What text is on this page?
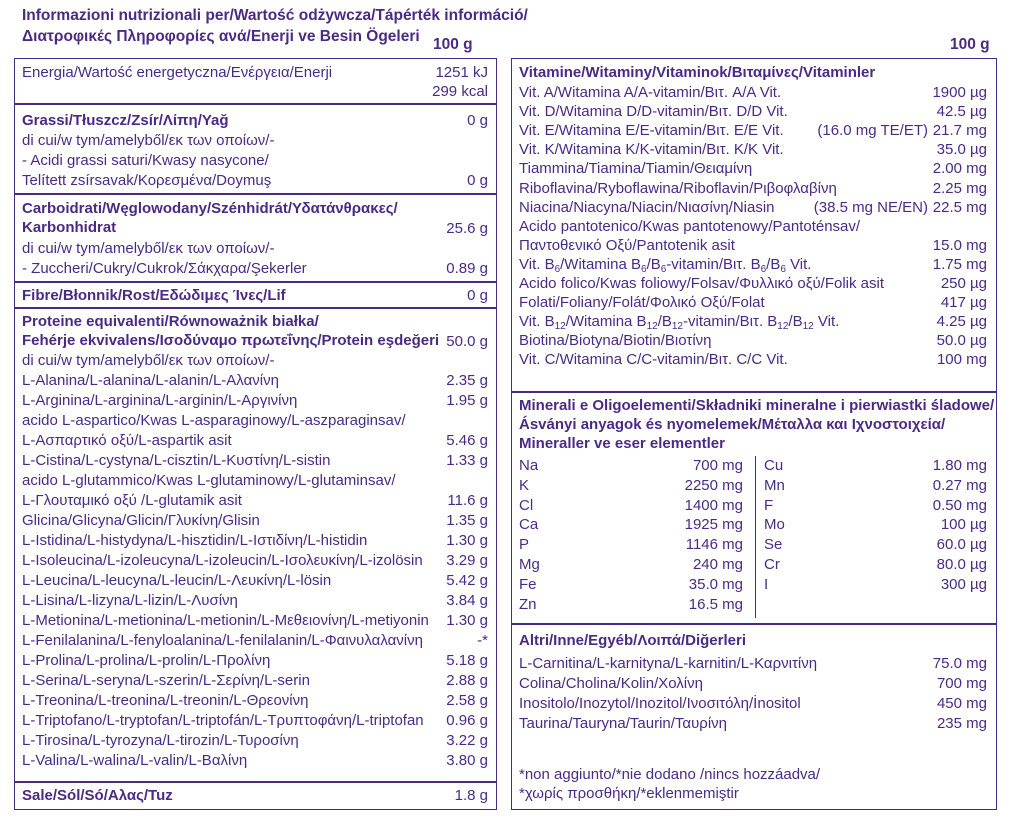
Informazioni nutrizionali per/Wartość odżywcza/Tápérték információ/
Διατροφικές Πληροφορίες ανά/Enerji ve Besin Ögeleri 100 g	100 g
Energia/Wartość energetyczna/Ενέργεια/Enerji	1251 kJ
299 kcal
Grassi/Tłuszcz/Zsír/Λίπη/Yağ	0 g
di cui/w tym/amelyből/εκ των οποίων/-
- Acidi grassi saturi/Kwasy nasycone/
Telített zsírsavak/Κορεσμένα/Doymuş	0 g
Carboidrati/Węglowodany/Szénhidrát/Υδατάνθρακες/
Karbonhidrat	25.6 g
di cui/w tym/amelyből/εκ των οποίων/-
- Zuccheri/Cukry/Cukrok/Σάκχαρα/Şekerler	0.89 g
Fibre/Błonnik/Rost/Εδώδιμες Ίνες/Lif	0 g
Proteine equivalenti/Równoważnik białka/
Fehérje ekvivalens/Ισοδύναμο πρωτεΐνης/Protein eşdeğeri 50.0 g
di cui/w tym/amelyből/εκ των οποίων/-
L-Alanina/L-alanina/L-alanin/L-Αλανίνη	2.35 g
L-Arginina/L-arginina/L-arginin/L-Αργινίνη	1.95 g
acido L-aspartico/Kwas L-asparaginowy/L-aszparaginsav/
L-Ασπαρτικό οξύ/L-aspartik asit	5.46 g
L-Cistina/L-cystyna/L-cisztin/L-Κυστίνη/L-sistin	1.33 g
acido L-glutammico/Kwas L-glutaminowy/L-glutaminsav/
L-Γλουταμικό οξύ /L-glutamik asit	11.6 g
Glicina/Glicyna/Glicin/Γλυκίνη/Glisin	1.35 g
L-Istidina/L-histydyna/L-hisztidin/L-Ιστιδίνη/L-histidin	1.30 g
L-Isoleucina/L-izoleucyna/L-izoleucin/L-Ισολευκίνη/L-izolösin 3.29 g
L-Leucina/L-leucyna/L-leucin/L-Λευκίνη/L-lösin	5.42 g
L-Lisina/L-lizyna/L-lizin/L-Λυσίνη	3.84 g
L-Metionina/L-metionina/L-metionin/L-Μεθειονίνη/L-metiyonin 1.30 g
L-Fenilalanina/L-fenyloalanina/L-fenilalanin/L-Φαινυλαλανίνη	-*
L-Prolina/L-prolina/L-prolin/L-Προλίνη	5.18 g
L-Serina/L-seryna/L-szerin/L-Σερίνη/L-serin	2.88 g
L-Treonina/L-treonina/L-treonin/L-Θρεονίνη	2.58 g
L-Triptofano/L-tryptofan/L-triptofán/L-Τρυπτοφάνη/L-triptofan 0.96 g
L-Tirosina/L-tyrozyna/L-tirozin/L-Τυροσίνη	3.22 g
L-Valina/L-walina/L-valin/L-Βαλίνη	3.80 g
Sale/Sól/Só/Αλας/Tuz	1.8 g
Vitamine/Witaminy/Vitaminok/Βιταμίνες/Vitaminler
Vit. A/Witamina A/A-vitamin/Βιτ. A/A Vit.	1900 µg
Vit. D/Witamina D/D-vitamin/Βιτ. D/D Vit.	42.5 µg
Vit. E/Witamina E/E-vitamin/Βιτ. E/E Vit. (16.0 mg TE/ET) 21.7 mg
Vit. K/Witamina K/K-vitamin/Βιτ. K/K Vit.	35.0 µg
Tiammina/Tiamina/Tiamin/Θειαμίνη	2.00 mg
Riboflavina/Ryboflawina/Riboflavin/Ριβοφλαβίνη	2.25 mg
Niacina/Niacyna/Niacin/Νιασίνη/Niasin	(38.5 mg NE/EN) 22.5 mg
Acido pantotenico/Kwas pantotenowy/Pantoténsav/
Παντοθενικό Οξύ/Pantotenik asit	15.0 mg
Vit. $B_6$/Witamina $B_6/B_6-vitamin$/Βιτ. $B_6/B_6$ Vit.	1.75 mg
Acido folico/Kwas foliowy/Folsav/Φυλλικό οξύ/Folik asit	250 µg
Folati/Foliany/Folát/Φολικό Οξύ/Folat	417 µg
Vit. $B_{12}$/Witamina $B_{12}/B_{12}-vitamin$/Βιτ. $B_{12}/B_{12}$ Vit.	4.25 µg
Biotina/Biotyna/Biotin/Βιοτίνη	50.0 µg
Vit. C/Witamina C/C-vitamin/Βιτ. C/C Vit.	100 mg
Minerali e Oligoelementi/Składniki mineralne i pierwiastki śladowe/
Ásványi anyagok és nyomelemek/Μέταλλα και Ιχνοστοιχεία/
Mineraller ve eser elementler
Na	700 mg
K	2250 mg
Cl	1400 mg
Ca	1925 mg
P	1146 mg
Mg	240 mg
Fe	35.0 mg
Zn	16.5 mg
Cu	1.80 mg
Mn	0.27 mg
F	0.50 mg
Mo	100 µg
Se	60.0 µg
Cr	80.0 µg
I	300 µg
Altri/Inne/Egyéb/Λοιπά/Diğerleri
L-Carnitina/L-karnityna/L-karnitin/L-Καρνιτίνη	75.0 mg
Colina/Cholina/Kolin/Χολίνη	700 mg
Inositolo/Inozytol/Inozitol/Ινοσιτόλη/İnositol	450 mg
Taurina/Tauryna/Taurin/Ταυρίνη	235 mg
*non aggiunto/*nie dodano /nincs hozzáadva/
*χωρίς προσθήκη/*eklenmemiştir
